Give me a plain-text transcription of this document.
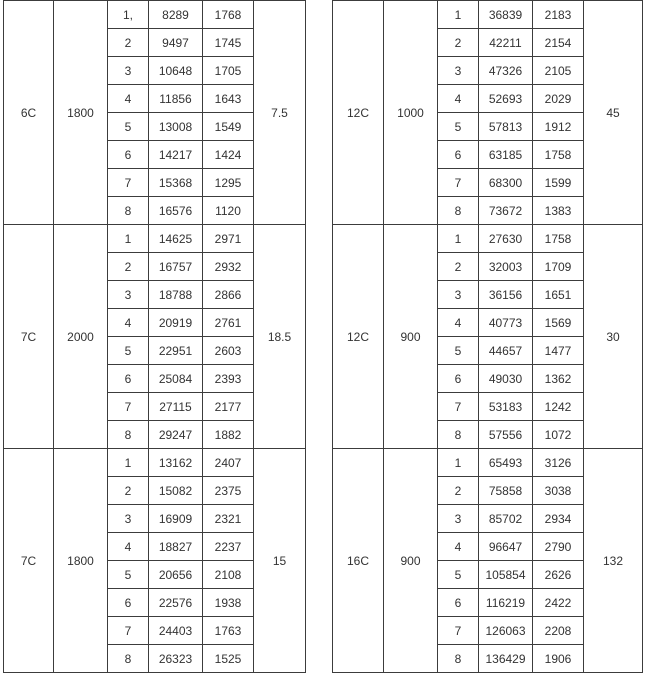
6C	1800	1,	8289	1768	7.5
		2	9497	1745	
		3	10648	1705	
		4	11856	1643	
		5	13008	1549	
		6	14217	1424	
		7	15368	1295	
		8	16576	1120	
7C	2000	1	14625	2971	18.5
		2	16757	2932	
		3	18788	2866	
		4	20919	2761	
		5	22951	2603	
		6	25084	2393	
		7	27115	2177	
		8	29247	1882	
7C	1800	1	13162	2407	15
		2	15082	2375	
		3	16909	2321	
		4	18827	2237	
		5	20656	2108	
		6	22576	1938	
		7	24403	1763	
		8	26323	1525	
12C	1000	1	36839	2183	45
		2	42211	2154	
		3	47326	2105	
		4	52693	2029	
		5	57813	1912	
		6	63185	1758	
		7	68300	1599	
		8	73672	1383	
12C	900	1	27630	1758	30
		2	32003	1709	
		3	36156	1651	
		4	40773	1569	
		5	44657	1477	
		6	49030	1362	
		7	53183	1242	
		8	57556	1072	
16C	900	1	65493	3126	132
		2	75858	3038	
		3	85702	2934	
		4	96647	2790	
		5	105854	2626	
		6	116219	2422	
		7	126063	2208	
		8	136429	1906	
